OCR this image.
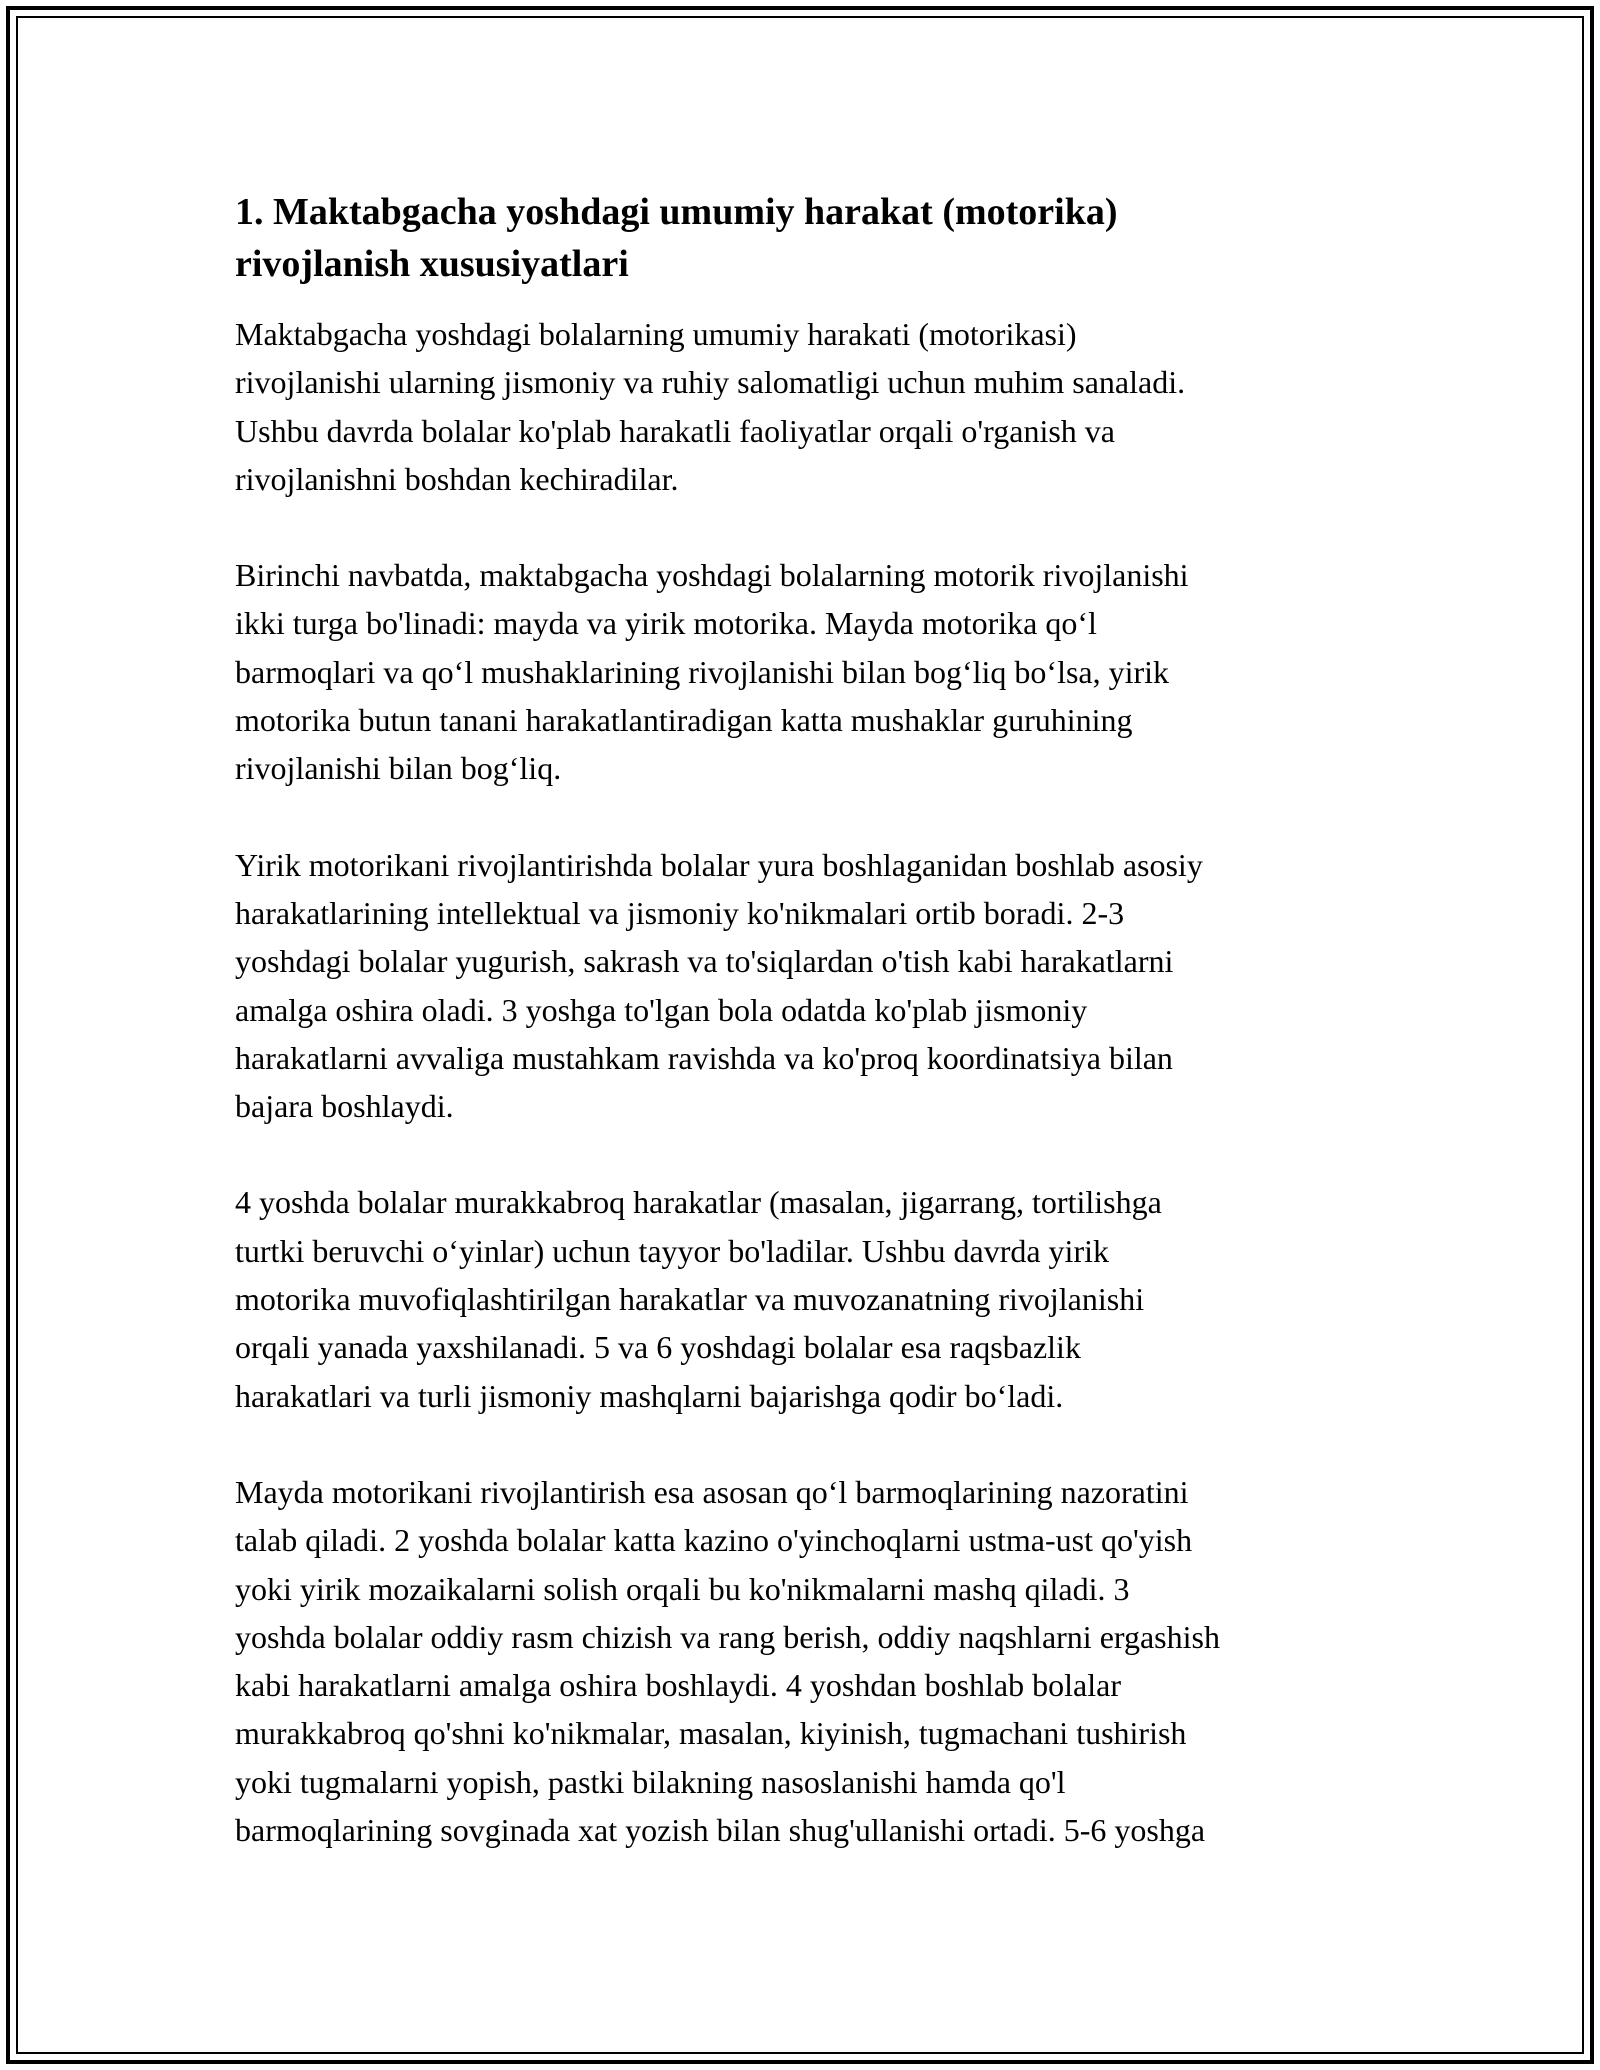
1. Maktabgacha yoshdagi umumiy harakat (motorika)
rivojlanish xususiyatlari

Maktabgacha yoshdagi bolalarning umumiy harakati (motorikasi)
rivojlanishi ularning jismoniy va ruhiy salomatligi uchun muhim sanaladi.
Ushbu davrda bolalar ko'plab harakatli faoliyatlar orqali o'rganish va
rivojlanishni boshdan kechiradilar.

Birinchi navbatda, maktabgacha yoshdagi bolalarning motorik rivojlanishi
ikki turga bo'linadi: mayda va yirik motorika. Mayda motorika qo‘l
barmoqlari va qo‘l mushaklarining rivojlanishi bilan bog‘liq bo‘lsa, yirik
motorika butun tanani harakatlantiradigan katta mushaklar guruhining
rivojlanishi bilan bog‘liq.

Yirik motorikani rivojlantirishda bolalar yura boshlaganidan boshlab asosiy
harakatlarining intellektual va jismoniy ko'nikmalari ortib boradi. 2-3
yoshdagi bolalar yugurish, sakrash va to'siqlardan o'tish kabi harakatlarni
amalga oshira oladi. 3 yoshga to'lgan bola odatda ko'plab jismoniy
harakatlarni avvaliga mustahkam ravishda va ko'proq koordinatsiya bilan
bajara boshlaydi.

4 yoshda bolalar murakkabroq harakatlar (masalan, jigarrang, tortilishga
turtki beruvchi o‘yinlar) uchun tayyor bo'ladilar. Ushbu davrda yirik
motorika muvofiqlashtirilgan harakatlar va muvozanatning rivojlanishi
orqali yanada yaxshilanadi. 5 va 6 yoshdagi bolalar esa raqsbazlik
harakatlari va turli jismoniy mashqlarni bajarishga qodir bo‘ladi.

Mayda motorikani rivojlantirish esa asosan qo‘l barmoqlarining nazoratini
talab qiladi. 2 yoshda bolalar katta kazino o'yinchoqlarni ustma-ust qo'yish
yoki yirik mozaikalarni solish orqali bu ko'nikmalarni mashq qiladi. 3
yoshda bolalar oddiy rasm chizish va rang berish, oddiy naqshlarni ergashish
kabi harakatlarni amalga oshira boshlaydi. 4 yoshdan boshlab bolalar
murakkabroq qo'shni ko'nikmalar, masalan, kiyinish, tugmachani tushirish
yoki tugmalarni yopish, pastki bilakning nasoslanishi hamda qo'l
barmoqlarining sovginada xat yozish bilan shug'ullanishi ortadi. 5-6 yoshga
